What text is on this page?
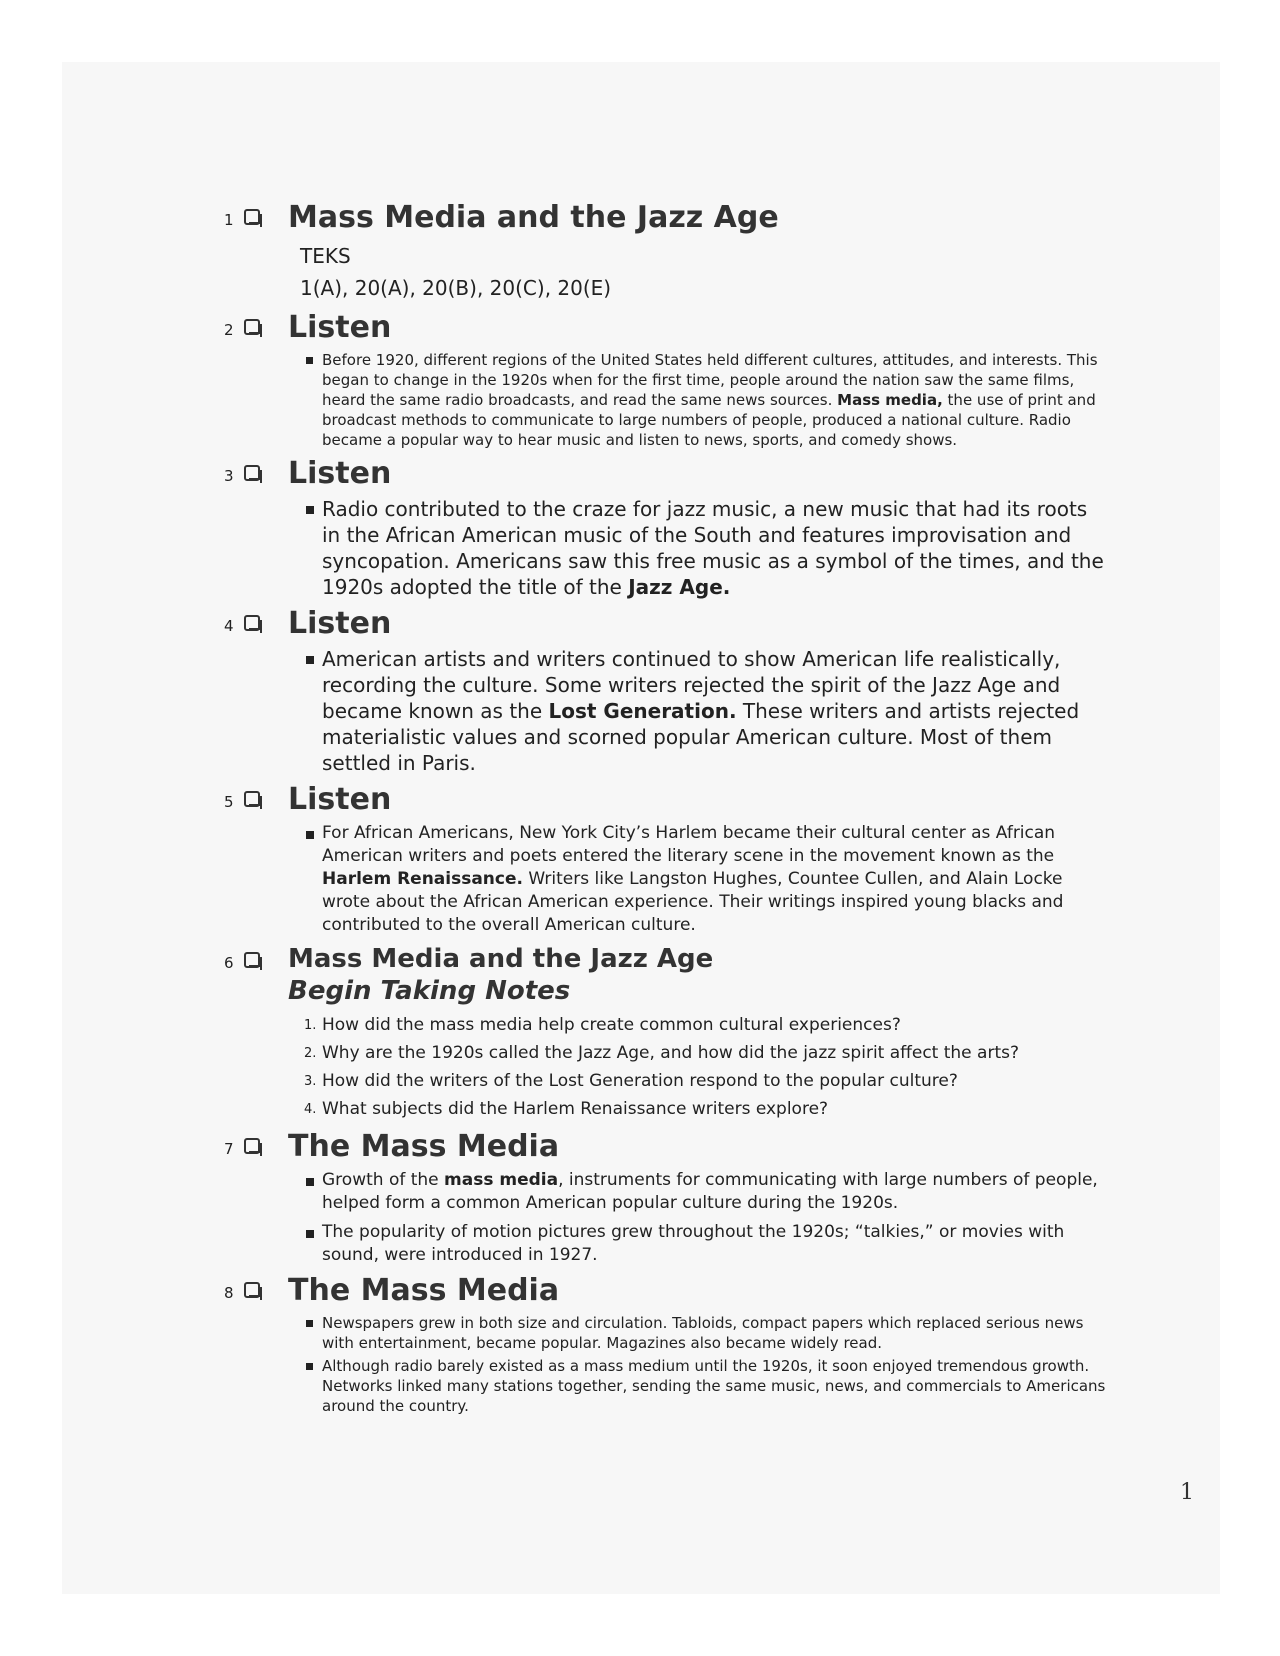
1 Mass Media and the Jazz Age
TEKS
1(A), 20(A), 20(B), 20(C), 20(E)
2 Listen
Before 1920, different regions of the United States held different cultures, attitudes, and interests. This began to change in the 1920s when for the first time, people around the nation saw the same films, heard the same radio broadcasts, and read the same news sources. Mass media, the use of print and broadcast methods to communicate to large numbers of people, produced a national culture. Radio became a popular way to hear music and listen to news, sports, and comedy shows.
3 Listen
Radio contributed to the craze for jazz music, a new music that had its roots in the African American music of the South and features improvisation and syncopation. Americans saw this free music as a symbol of the times, and the 1920s adopted the title of the Jazz Age.
4 Listen
American artists and writers continued to show American life realistically, recording the culture. Some writers rejected the spirit of the Jazz Age and became known as the Lost Generation. These writers and artists rejected materialistic values and scorned popular American culture. Most of them settled in Paris.
5 Listen
For African Americans, New York City’s Harlem became their cultural center as African American writers and poets entered the literary scene in the movement known as the Harlem Renaissance. Writers like Langston Hughes, Countee Cullen, and Alain Locke wrote about the African American experience. Their writings inspired young blacks and contributed to the overall American culture.
6 Mass Media and the Jazz Age
Begin Taking Notes
1. How did the mass media help create common cultural experiences?
2. Why are the 1920s called the Jazz Age, and how did the jazz spirit affect the arts?
3. How did the writers of the Lost Generation respond to the popular culture?
4. What subjects did the Harlem Renaissance writers explore?
7 The Mass Media
Growth of the mass media, instruments for communicating with large numbers of people, helped form a common American popular culture during the 1920s.
The popularity of motion pictures grew throughout the 1920s; “talkies,” or movies with sound, were introduced in 1927.
8 The Mass Media
Newspapers grew in both size and circulation. Tabloids, compact papers which replaced serious news with entertainment, became popular. Magazines also became widely read.
Although radio barely existed as a mass medium until the 1920s, it soon enjoyed tremendous growth. Networks linked many stations together, sending the same music, news, and commercials to Americans around the country.
1
